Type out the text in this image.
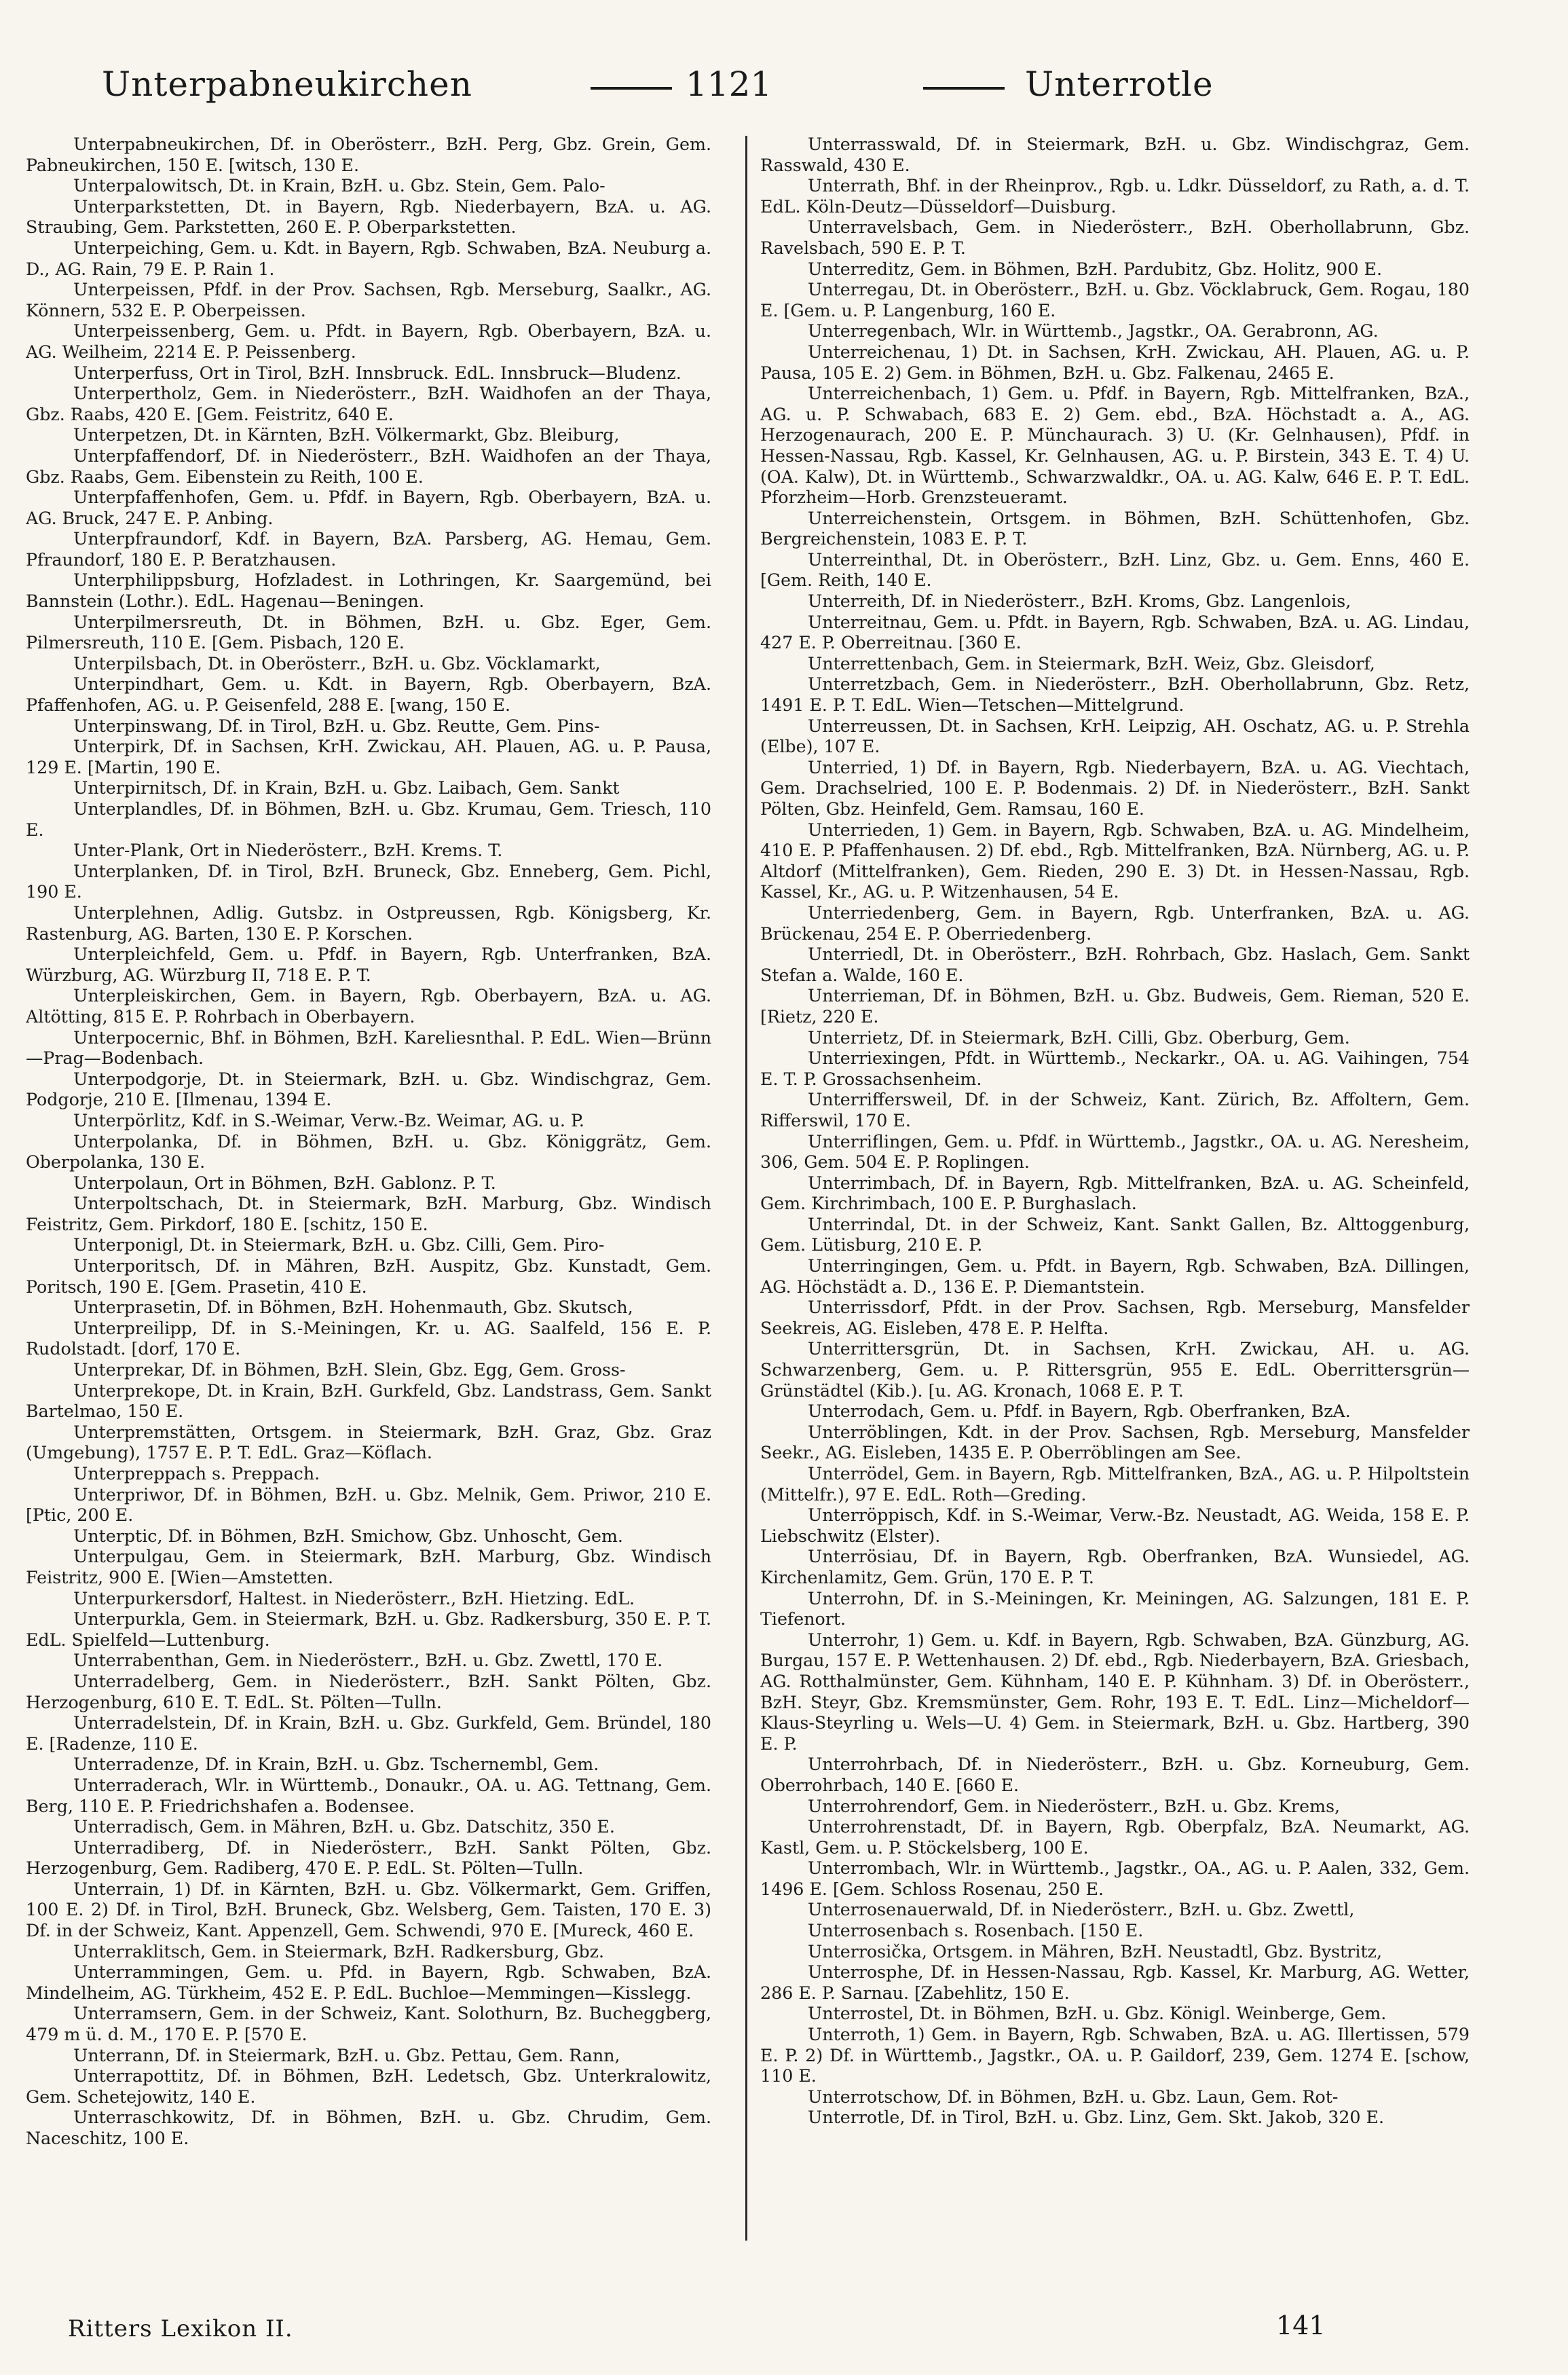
Unterpabneukirchen	1121	Unterrotle

Unterpabneukirchen, Df. in Oberösterr., BzH. Perg, Gbz. Grein, Gem. Pabneukirchen, 150 E. [witsch, 130 E.

Unterpalowitsch, Dt. in Krain, BzH. u. Gbz. Stein, Gem. Palo-

Unterparkstetten, Dt. in Bayern, Rgb. Niederbayern, BzA. u. AG. Straubing, Gem. Parkstetten, 260 E. P. Oberparkstetten.

Unterpeiching, Gem. u. Kdt. in Bayern, Rgb. Schwaben, BzA. Neuburg a. D., AG. Rain, 79 E. P. Rain 1.

Unterpeissen, Pfdf. in der Prov. Sachsen, Rgb. Merseburg, Saalkr., AG. Könnern, 532 E. P. Oberpeissen.

Unterpeissenberg, Gem. u. Pfdt. in Bayern, Rgb. Oberbayern, BzA. u. AG. Weilheim, 2214 E. P. Peissenberg.

Unterperfuss, Ort in Tirol, BzH. Innsbruck. EdL. Innsbruck—Bludenz.

Unterpertholz, Gem. in Niederösterr., BzH. Waidhofen an der Thaya, Gbz. Raabs, 420 E. [Gem. Feistritz, 640 E.

Unterpetzen, Dt. in Kärnten, BzH. Völkermarkt, Gbz. Bleiburg,

Unterpfaffendorf, Df. in Niederösterr., BzH. Waidhofen an der Thaya, Gbz. Raabs, Gem. Eibenstein zu Reith, 100 E.

Unterpfaffenhofen, Gem. u. Pfdf. in Bayern, Rgb. Oberbayern, BzA. u. AG. Bruck, 247 E. P. Anbing.

Unterpfraundorf, Kdf. in Bayern, BzA. Parsberg, AG. Hemau, Gem. Pfraundorf, 180 E. P. Beratzhausen.

Unterphilippsburg, Hofzladest. in Lothringen, Kr. Saargemünd, bei Bannstein (Lothr.). EdL. Hagenau—Beningen.

Unterpilmersreuth, Dt. in Böhmen, BzH. u. Gbz. Eger, Gem. Pilmersreuth, 110 E. [Gem. Pisbach, 120 E.

Unterpilsbach, Dt. in Oberösterr., BzH. u. Gbz. Vöcklamarkt,

Unterpindhart, Gem. u. Kdt. in Bayern, Rgb. Oberbayern, BzA. Pfaffenhofen, AG. u. P. Geisenfeld, 288 E. [wang, 150 E.

Unterpinswang, Df. in Tirol, BzH. u. Gbz. Reutte, Gem. Pins-

Unterpirk, Df. in Sachsen, KrH. Zwickau, AH. Plauen, AG. u. P. Pausa, 129 E. [Martin, 190 E.

Unterpirnitsch, Df. in Krain, BzH. u. Gbz. Laibach, Gem. Sankt

Unterplandles, Df. in Böhmen, BzH. u. Gbz. Krumau, Gem. Triesch, 110 E.

Unter-Plank, Ort in Niederösterr., BzH. Krems. T.

Unterplanken, Df. in Tirol, BzH. Bruneck, Gbz. Enneberg, Gem. Pichl, 190 E.

Unterplehnen, Adlig. Gutsbz. in Ostpreussen, Rgb. Königsberg, Kr. Rastenburg, AG. Barten, 130 E. P. Korschen.

Unterpleichfeld, Gem. u. Pfdf. in Bayern, Rgb. Unterfranken, BzA. Würzburg, AG. Würzburg II, 718 E. P. T.

Unterpleiskirchen, Gem. in Bayern, Rgb. Oberbayern, BzA. u. AG. Altötting, 815 E. P. Rohrbach in Oberbayern.

Unterpocernic, Bhf. in Böhmen, BzH. Kareliesnthal. P. EdL. Wien—Brünn—Prag—Bodenbach.

Unterpodgorje, Dt. in Steiermark, BzH. u. Gbz. Windischgraz, Gem. Podgorje, 210 E. [Ilmenau, 1394 E.

Unterpörlitz, Kdf. in S.-Weimar, Verw.-Bz. Weimar, AG. u. P.

Unterpolanka, Df. in Böhmen, BzH. u. Gbz. Königgrätz, Gem. Oberpolanka, 130 E.

Unterpolaun, Ort in Böhmen, BzH. Gablonz. P. T.

Unterpoltschach, Dt. in Steiermark, BzH. Marburg, Gbz. Windisch Feistritz, Gem. Pirkdorf, 180 E. [schitz, 150 E.

Unterponigl, Dt. in Steiermark, BzH. u. Gbz. Cilli, Gem. Piro-

Unterporitsch, Df. in Mähren, BzH. Auspitz, Gbz. Kunstadt, Gem. Poritsch, 190 E. [Gem. Prasetin, 410 E.

Unterprasetin, Df. in Böhmen, BzH. Hohenmauth, Gbz. Skutsch,

Unterpreilipp, Df. in S.-Meiningen, Kr. u. AG. Saalfeld, 156 E. P. Rudolstadt. [dorf, 170 E.

Unterprekar, Df. in Böhmen, BzH. Slein, Gbz. Egg, Gem. Gross-

Unterprekope, Dt. in Krain, BzH. Gurkfeld, Gbz. Landstrass, Gem. Sankt Bartelmao, 150 E.

Unterpremstätten, Ortsgem. in Steiermark, BzH. Graz, Gbz. Graz (Umgebung), 1757 E. P. T. EdL. Graz—Köflach.

Unterpreppach s. Preppach.

Unterpriwor, Df. in Böhmen, BzH. u. Gbz. Melnik, Gem. Priwor, 210 E. [Ptic, 200 E.

Unterptic, Df. in Böhmen, BzH. Smichow, Gbz. Unhoscht, Gem.

Unterpulgau, Gem. in Steiermark, BzH. Marburg, Gbz. Windisch Feistritz, 900 E. [Wien—Amstetten.

Unterpurkersdorf, Haltest. in Niederösterr., BzH. Hietzing. EdL.

Unterpurkla, Gem. in Steiermark, BzH. u. Gbz. Radkersburg, 350 E. P. T. EdL. Spielfeld—Luttenburg.

Unterrabenthan, Gem. in Niederösterr., BzH. u. Gbz. Zwettl, 170 E.

Unterradelberg, Gem. in Niederösterr., BzH. Sankt Pölten, Gbz. Herzogenburg, 610 E. T. EdL. St. Pölten—Tulln.

Unterradelstein, Df. in Krain, BzH. u. Gbz. Gurkfeld, Gem. Bründel, 180 E. [Radenze, 110 E.

Unterradenze, Df. in Krain, BzH. u. Gbz. Tschernembl, Gem.

Unterraderach, Wlr. in Württemb., Donaukr., OA. u. AG. Tettnang, Gem. Berg, 110 E. P. Friedrichshafen a. Bodensee.

Unterradisch, Gem. in Mähren, BzH. u. Gbz. Datschitz, 350 E.

Unterradiberg, Df. in Niederösterr., BzH. Sankt Pölten, Gbz. Herzogenburg, Gem. Radiberg, 470 E. P. EdL. St. Pölten—Tulln.

Unterrain, 1) Df. in Kärnten, BzH. u. Gbz. Völkermarkt, Gem. Griffen, 100 E. 2) Df. in Tirol, BzH. Bruneck, Gbz. Welsberg, Gem. Taisten, 170 E. 3) Df. in der Schweiz, Kant. Appenzell, Gem. Schwendi, 970 E. [Mureck, 460 E.

Unterraklitsch, Gem. in Steiermark, BzH. Radkersburg, Gbz.

Unterrammingen, Gem. u. Pfd. in Bayern, Rgb. Schwaben, BzA. Mindelheim, AG. Türkheim, 452 E. P. EdL. Buchloe—Memmingen—Kisslegg.

Unterramsern, Gem. in der Schweiz, Kant. Solothurn, Bz. Bucheggberg, 479 m ü. d. M., 170 E. P. [570 E.

Unterrann, Df. in Steiermark, BzH. u. Gbz. Pettau, Gem. Rann,

Unterrapottitz, Df. in Böhmen, BzH. Ledetsch, Gbz. Unterkralowitz, Gem. Schetejowitz, 140 E.

Unterraschkowitz, Df. in Böhmen, BzH. u. Gbz. Chrudim, Gem. Naceschitz, 100 E.

Unterrasswald, Df. in Steiermark, BzH. u. Gbz. Windischgraz, Gem. Rasswald, 430 E.

Unterrath, Bhf. in der Rheinprov., Rgb. u. Ldkr. Düsseldorf, zu Rath, a. d. T. EdL. Köln-Deutz—Düsseldorf—Duisburg.

Unterravelsbach, Gem. in Niederösterr., BzH. Oberhollabrunn, Gbz. Ravelsbach, 590 E. P. T.

Unterreditz, Gem. in Böhmen, BzH. Pardubitz, Gbz. Holitz, 900 E.

Unterregau, Dt. in Oberösterr., BzH. u. Gbz. Vöcklabruck, Gem. Rogau, 180 E. [Gem. u. P. Langenburg, 160 E.

Unterregenbach, Wlr. in Württemb., Jagstkr., OA. Gerabronn, AG.

Unterreichenau, 1) Dt. in Sachsen, KrH. Zwickau, AH. Plauen, AG. u. P. Pausa, 105 E. 2) Gem. in Böhmen, BzH. u. Gbz. Falkenau, 2465 E.

Unterreichenbach, 1) Gem. u. Pfdf. in Bayern, Rgb. Mittelfranken, BzA., AG. u. P. Schwabach, 683 E. 2) Gem. ebd., BzA. Höchstadt a. A., AG. Herzogenaurach, 200 E. P. Münchaurach. 3) U. (Kr. Gelnhausen), Pfdf. in Hessen-Nassau, Rgb. Kassel, Kr. Gelnhausen, AG. u. P. Birstein, 343 E. T. 4) U. (OA. Kalw), Dt. in Württemb., Schwarzwaldkr., OA. u. AG. Kalw, 646 E. P. T. EdL. Pforzheim—Horb. Grenzsteueramt.

Unterreichenstein, Ortsgem. in Böhmen, BzH. Schüttenhofen, Gbz. Bergreichenstein, 1083 E. P. T.

Unterreinthal, Dt. in Oberösterr., BzH. Linz, Gbz. u. Gem. Enns, 460 E. [Gem. Reith, 140 E.

Unterreith, Df. in Niederösterr., BzH. Kroms, Gbz. Langenlois,

Unterreitnau, Gem. u. Pfdt. in Bayern, Rgb. Schwaben, BzA. u. AG. Lindau, 427 E. P. Oberreitnau. [360 E.

Unterrettenbach, Gem. in Steiermark, BzH. Weiz, Gbz. Gleisdorf,

Unterretzbach, Gem. in Niederösterr., BzH. Oberhollabrunn, Gbz. Retz, 1491 E. P. T. EdL. Wien—Tetschen—Mittelgrund.

Unterreussen, Dt. in Sachsen, KrH. Leipzig, AH. Oschatz, AG. u. P. Strehla (Elbe), 107 E.

Unterried, 1) Df. in Bayern, Rgb. Niederbayern, BzA. u. AG. Viechtach, Gem. Drachselried, 100 E. P. Bodenmais. 2) Df. in Niederösterr., BzH. Sankt Pölten, Gbz. Heinfeld, Gem. Ramsau, 160 E.

Unterrieden, 1) Gem. in Bayern, Rgb. Schwaben, BzA. u. AG. Mindelheim, 410 E. P. Pfaffenhausen. 2) Df. ebd., Rgb. Mittelfranken, BzA. Nürnberg, AG. u. P. Altdorf (Mittelfranken), Gem. Rieden, 290 E. 3) Dt. in Hessen-Nassau, Rgb. Kassel, Kr., AG. u. P. Witzenhausen, 54 E.

Unterriedenberg, Gem. in Bayern, Rgb. Unterfranken, BzA. u. AG. Brückenau, 254 E. P. Oberriedenberg.

Unterriedl, Dt. in Oberösterr., BzH. Rohrbach, Gbz. Haslach, Gem. Sankt Stefan a. Walde, 160 E.

Unterrieman, Df. in Böhmen, BzH. u. Gbz. Budweis, Gem. Rieman, 520 E. [Rietz, 220 E.

Unterrietz, Df. in Steiermark, BzH. Cilli, Gbz. Oberburg, Gem.

Unterriexingen, Pfdt. in Württemb., Neckarkr., OA. u. AG. Vaihingen, 754 E. T. P. Grossachsenheim.

Unterriffersweil, Df. in der Schweiz, Kant. Zürich, Bz. Affoltern, Gem. Rifferswil, 170 E.

Unterriflingen, Gem. u. Pfdf. in Württemb., Jagstkr., OA. u. AG. Neresheim, 306, Gem. 504 E. P. Roplingen.

Unterrimbach, Df. in Bayern, Rgb. Mittelfranken, BzA. u. AG. Scheinfeld, Gem. Kirchrimbach, 100 E. P. Burghaslach.

Unterrindal, Dt. in der Schweiz, Kant. Sankt Gallen, Bz. Alttoggenburg, Gem. Lütisburg, 210 E. P.

Unterringingen, Gem. u. Pfdt. in Bayern, Rgb. Schwaben, BzA. Dillingen, AG. Höchstädt a. D., 136 E. P. Diemantstein.

Unterrissdorf, Pfdt. in der Prov. Sachsen, Rgb. Merseburg, Mansfelder Seekreis, AG. Eisleben, 478 E. P. Helfta.

Unterrittersgrün, Dt. in Sachsen, KrH. Zwickau, AH. u. AG. Schwarzenberg, Gem. u. P. Rittersgrün, 955 E. EdL. Oberrittersgrün—Grünstädtel (Kib.). [u. AG. Kronach, 1068 E. P. T.

Unterrodach, Gem. u. Pfdf. in Bayern, Rgb. Oberfranken, BzA.

Unterröblingen, Kdt. in der Prov. Sachsen, Rgb. Merseburg, Mansfelder Seekr., AG. Eisleben, 1435 E. P. Oberröblingen am See.

Unterrödel, Gem. in Bayern, Rgb. Mittelfranken, BzA., AG. u. P. Hilpoltstein (Mittelfr.), 97 E. EdL. Roth—Greding.

Unterröppisch, Kdf. in S.-Weimar, Verw.-Bz. Neustadt, AG. Weida, 158 E. P. Liebschwitz (Elster).

Unterrösiau, Df. in Bayern, Rgb. Oberfranken, BzA. Wunsiedel, AG. Kirchenlamitz, Gem. Grün, 170 E. P. T.

Unterrohn, Df. in S.-Meiningen, Kr. Meiningen, AG. Salzungen, 181 E. P. Tiefenort.

Unterrohr, 1) Gem. u. Kdf. in Bayern, Rgb. Schwaben, BzA. Günzburg, AG. Burgau, 157 E. P. Wettenhausen. 2) Df. ebd., Rgb. Niederbayern, BzA. Griesbach, AG. Rotthalmünster, Gem. Kühnham, 140 E. P. Kühnham. 3) Df. in Oberösterr., BzH. Steyr, Gbz. Kremsmünster, Gem. Rohr, 193 E. T. EdL. Linz—Micheldorf—Klaus-Steyrling u. Wels—U. 4) Gem. in Steiermark, BzH. u. Gbz. Hartberg, 390 E. P.

Unterrohrbach, Df. in Niederösterr., BzH. u. Gbz. Korneuburg, Gem. Oberrohrbach, 140 E. [660 E.

Unterrohrendorf, Gem. in Niederösterr., BzH. u. Gbz. Krems,

Unterrohrenstadt, Df. in Bayern, Rgb. Oberpfalz, BzA. Neumarkt, AG. Kastl, Gem. u. P. Stöckelsberg, 100 E.

Unterrombach, Wlr. in Württemb., Jagstkr., OA., AG. u. P. Aalen, 332, Gem. 1496 E. [Gem. Schloss Rosenau, 250 E.

Unterrosenauerwald, Df. in Niederösterr., BzH. u. Gbz. Zwettl,

Unterrosenbach s. Rosenbach. [150 E.

Unterrosička, Ortsgem. in Mähren, BzH. Neustadtl, Gbz. Bystritz,

Unterrosphe, Df. in Hessen-Nassau, Rgb. Kassel, Kr. Marburg, AG. Wetter, 286 E. P. Sarnau. [Zabehlitz, 150 E.

Unterrostel, Dt. in Böhmen, BzH. u. Gbz. Königl. Weinberge, Gem.

Unterroth, 1) Gem. in Bayern, Rgb. Schwaben, BzA. u. AG. Illertissen, 579 E. P. 2) Df. in Württemb., Jagstkr., OA. u. P. Gaildorf, 239, Gem. 1274 E. [schow, 110 E.

Unterrotschow, Df. in Böhmen, BzH. u. Gbz. Laun, Gem. Rot-

Unterrotle, Df. in Tirol, BzH. u. Gbz. Linz, Gem. Skt. Jakob, 320 E.

Ritters Lexikon II.	141
